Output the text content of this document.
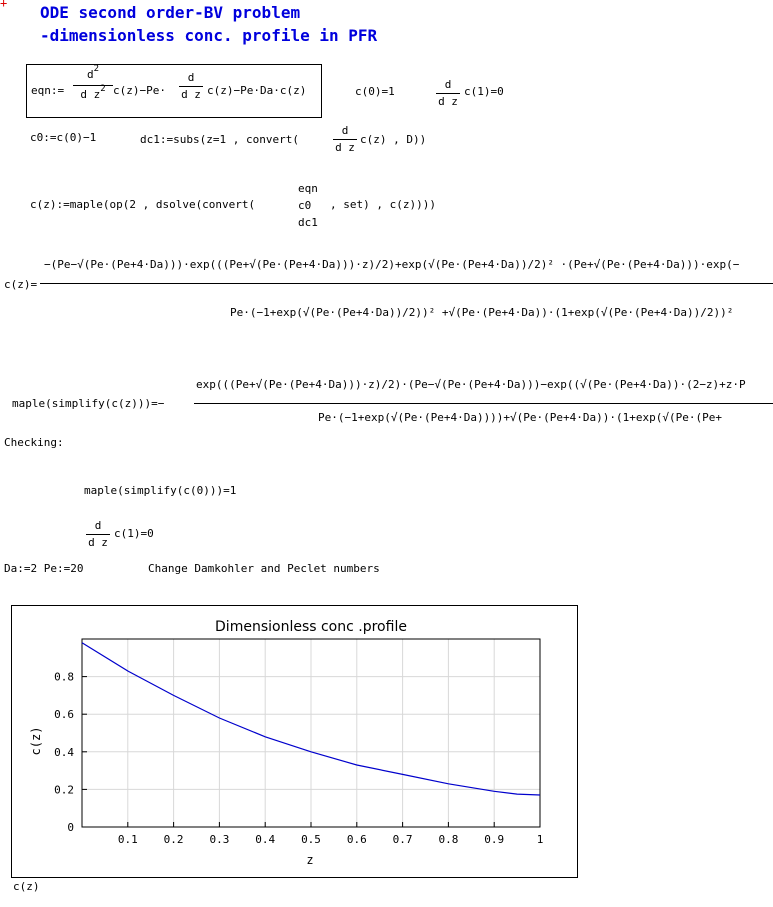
+ ODE second order-BV problem
-dimensionless conc. profile in PFR
eqn:=
$d^2$
d $z^2$ c(z)−Pe·
d
d z c(z)−Pe·Da·c(z)	c(0)=1
d
d z
c(1)=0
c0:=c(0)−1	dc1:=subs(z=1 , convert(
d
d z
c(z) , D))
c(z):=maple(op(2 , dsolve(convert(
eqn
c0
dc1
, set) , c(z))))
c(z)=
−(Pe−√(Pe·(Pe+4·Da)))·exp(((Pe+√(Pe·(Pe+4·Da)))·z)/2)+exp(√(Pe·(Pe+4·Da))/2)² ·(Pe+√(Pe·(Pe+4·Da)))·exp(−
Pe·(−1+exp(√(Pe·(Pe+4·Da))/2))² +√(Pe·(Pe+4·Da))·(1+exp(√(Pe·(Pe+4·Da))/2))²
maple(simplify(c(z)))=−
exp(((Pe+√(Pe·(Pe+4·Da)))·z)/2)·(Pe−√(Pe·(Pe+4·Da)))−exp((√(Pe·(Pe+4·Da))·(2−z)+z·P
Pe·(−1+exp(√(Pe·(Pe+4·Da))))+√(Pe·(Pe+4·Da))·(1+exp(√(Pe·(Pe+
Checking:
maple(simplify(c(0)))=1
d
d z
c(1)=0
Da:=2 Pe:=20	Change Damkohler and Peclet numbers
Dimensionless conc .profile
0.1 0.2 0.3 0.4 0.5 0.6 0.7 0.8 0.9	1
0
0.2
0.4
0.6
0.8
z
c(z)
c(z)
